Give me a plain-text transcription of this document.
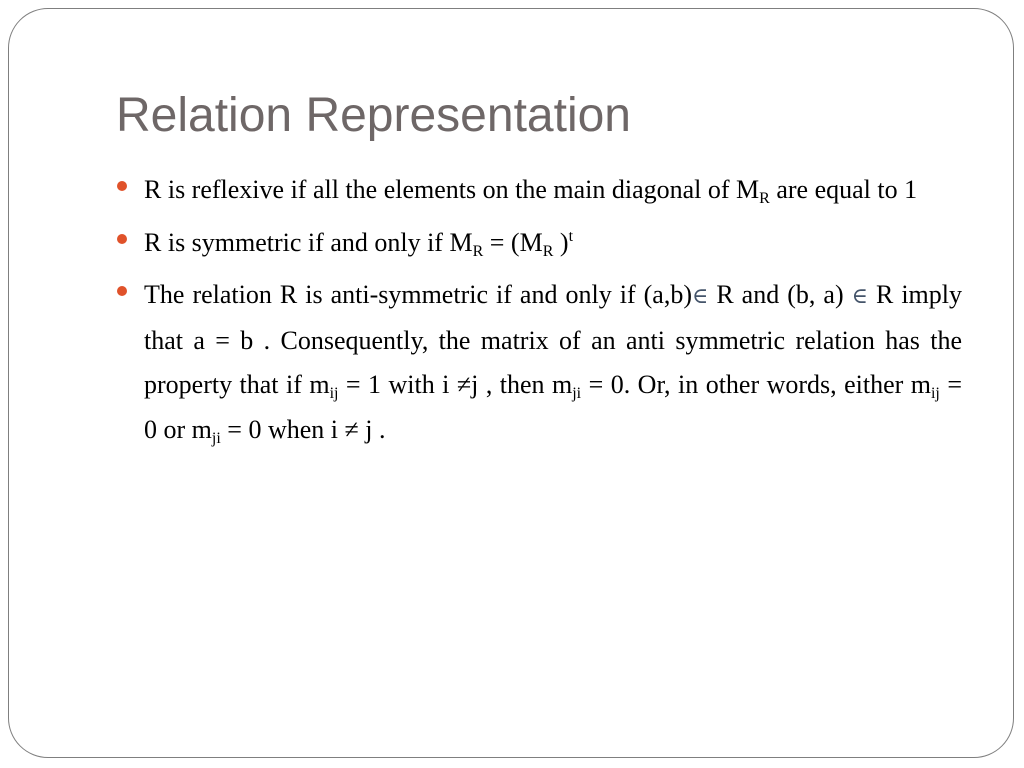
Relation Representation
R is reflexive if all the elements on the main diagonal of $M_R$ are equal to 1
R is symmetric if and only if $M_R = (M_R$ )$^t$
The relation R is anti-symmetric if and only if (a,b)∈ R and (b, a) ∈ R imply that a = b . Consequently, the matrix of an anti symmetric relation has the property that if $m_{ij} = 1$ with i ≠j , then $m_{ji} = 0$. Or, in other words, either $m_{ij} = 0$ or $m_{ji} = 0$ when i ≠ j .
